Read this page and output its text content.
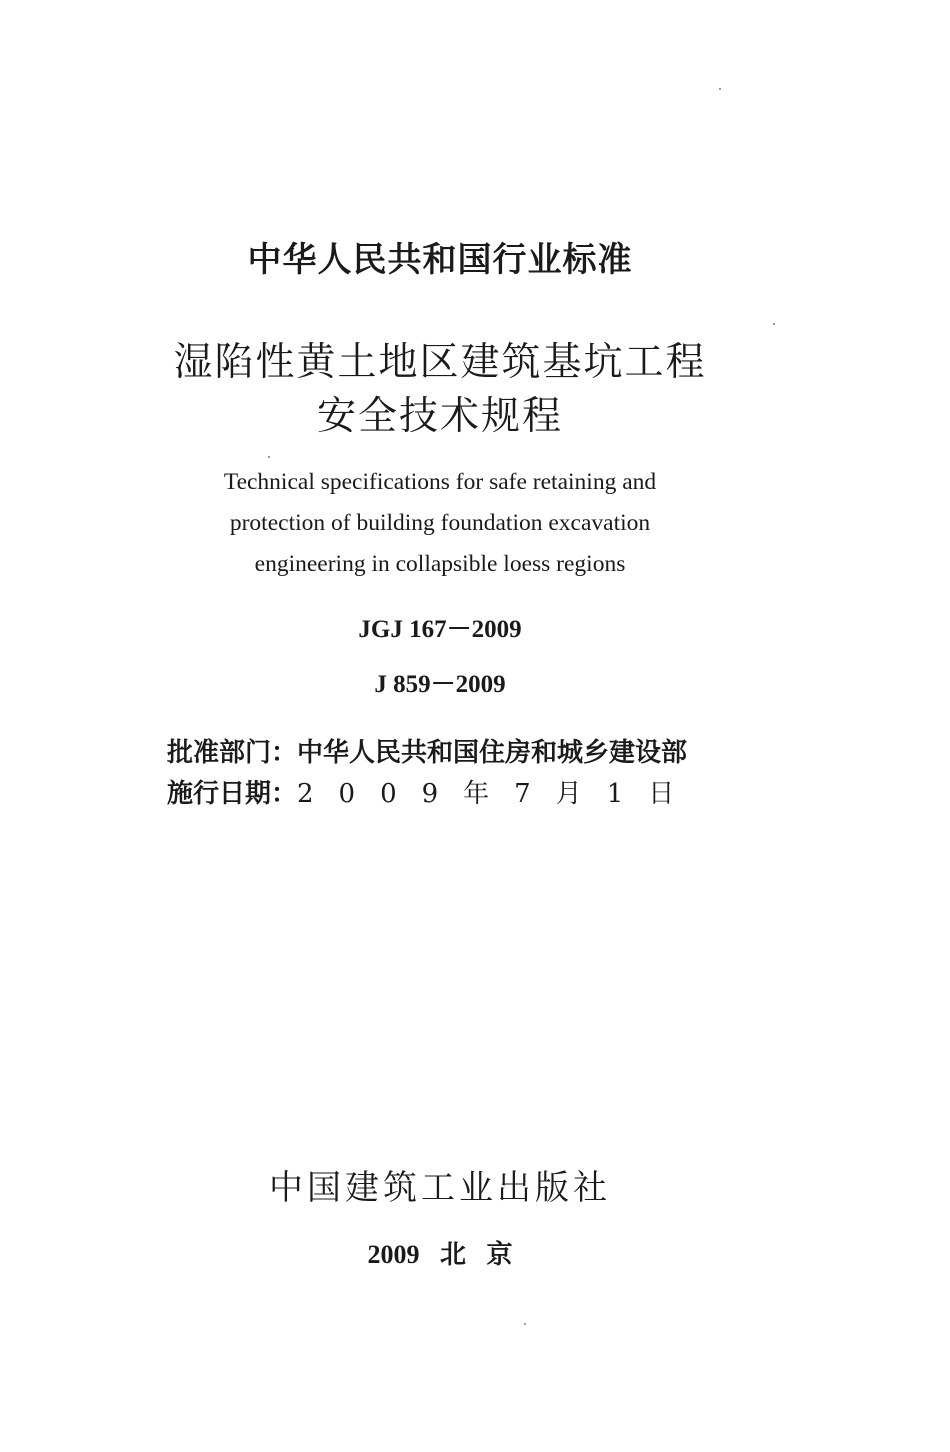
中华人民共和国行业标准
湿陷性黄土地区建筑基坑工程
安全技术规程
Technical specifications for safe retaining and
protection of building foundation excavation
engineering in collapsible loess regions
JGJ 167－2009
J 859－2009
批准部门：中华人民共和国住房和城乡建设部
施行日期：2009年7月1日
中国建筑工业出版社
2009 北 京
